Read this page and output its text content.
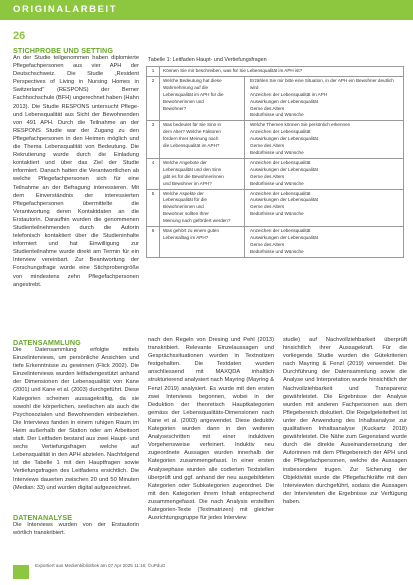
ORIGINALARBEIT
26
STICHPROBE UND SETTING

An der Studie teilgenommen haben diplomierte Pflegefachpersonen aus vier APH der Deutschschweiz. Die Studie „Resident Perspectives of Living in Nursing Homes in Switzerland" (RESPONS) der Berner Fachhochschule (BFH) ungerechnet haben (Hahn 2013). Die Studie RESPONS untersucht Pflege- und Lebensqualität aus Sicht der Bewohnenden von 491 APH. Durch die Teilnahme an der RESPONS Studie war der Zugang zu den Pflegefachpersonen in den Heimen möglich und die Thema Lebensqualität von Bedeutung. Die Rekrutierung wurde durch die Einladung kontaktiert und über das Ziel der Studie informiert. Danach hatten die Verantwortlichen ab welche Pflegefachpersonen sich für eine Teilnahme an der Befragung interessieren. Mit dem Einverständnis der interessierten Pflegefachpersonen übermittelte die Verantwortung deren Kontaktdaten an die Erstautorin. Daraufhin wurden die genommenen Studienteilnehmenden durch die Autorin telefonisch kontaktiert über die Studieninhalte informiert und hat Einwilligung zur Studienteilnahme wurde direkt am Termin für ein Interview vereinbart. Zur Beantwortung der Forschungsfrage wurde eine Stichprobengröße von mindestens zehn Pflegefachpersonen angestrebt.

DATENSAMMLUNG

Die Datensammlung erfolgte mittels Einzelinterviews, um persönliche Ansichten und tiefe Erkenntnisse zu gewinnen (Flick 2002). Die Einzelinterviews wurden leitfadengestützt anhand der Dimensionen der Lebensqualität von Kane (2001) und Kane et al. (2003) durchgeführt. Diese Kategorien scheinen aussagekräftig, da sie sowohl die körperlichen, seelischen als auch die Psychosozialen und Bewohnenden einbeziehen. Die Interviews fanden in einem ruhigen Raum im Heim außerhalb der Station oder am Arbeitsort statt. Der Leitfaden bestand aus zwei Haupt- und sechs Vertiefungsfragen welche auf Lebensqualität in den APH abzielen. Nachfolgend ist die Tabelle 1 mit den Hauptfragen sowie Vertiefungsfragen des Leitfadens ersichtlich. Die Interviews dauerten zwischen 20 und 50 Minuten (Median: 33) und wurden digital aufgezeichnet.

DATENANALYSE

Die Interviews wurden von der Erstautorin wörtlich transkribiert.

Tabelle 1: Leitfaden Haupt- und Vertiefungsfragen
1	Können Sie mir beschreiben, was für Sie Lebensqualität im APH ist?	
2	Welche Bedeutung hat diese
Wahrnehmung auf die
Lebensqualität im APH für die
Bewohnerinnen und
Bewohner?	Erzählen Sie mir bitte eine Situation, in der APH ein Bewohner deutlich wird
Anzeichen der Lebensqualität im APH
Auswirkungen der Lebensqualität
Gerne des Alters
Bedürfnisse und Wünsche

3	Was bedeutet für Sie Sinn in
dem Alter? Welche Faktoren
fördern Ihrer Meinung nach
die Lebensqualität im APH?	Welche Themen können Sie persönlich erkennen
Anzeichen der Lebensqualität
Auswirkungen der Lebensqualität
Gerne des Alters
Bedürfnisse und Wünsche

4	Welche Angebote der
Lebensqualität und den Sinn
gibt es für die Bewohnerinnen
und Bewohner im APH?	Anzeichen der Lebensqualität
Auswirkungen der Lebensqualität
Gerne des Alters
Bedürfnisse und Wünsche

5	Welche Aspekte der
Lebensqualität für die
Bewohnerinnen und
Bewohner sollten Ihrer
Meinung nach gefördert werden?	Anzeichen der Lebensqualität
Auswirkungen der Lebensqualität
Gerne des Alters
Bedürfnisse und Wünsche

6	Was gehört zu einem guten
Lebensalltag im APH?	Anzeichen der Lebensqualität
Auswirkungen der Lebensqualität
Gerne des Alters
Bedürfnisse und Wünsche

nach den Regeln von Dresing und Pehl (2013) transkribiert. Relevante Einzelaussagen und Gesprächssituationen wurden in Textnotizen festgehalten. Die Textdaten wurden anschliessend mit MAXQDA inhaltlich strukturierend analysiert nach Mayring (Mayring & Fenzl 2019) analysiert. Es wurde mit den ersten zwei Interviews begonnen, wobei in der Deduktion der theoretisch Hauptkategorien gemäss der Lebensqualitäts-Dimensionen nach Kane et al. (2003) angewendet. Diese deduktiv Kategorien wurden dann in den weiteren Analyseschritten mit einer induktiven Vorgehensweise verfeinert. Induktiv neu zugeordnete Aussagen wurden innerhalb der Kategorien zusammengefasst. In einer ersten Analysephase wurden alle codierten Textstellen überprüft und ggf. anhand der neu ausgebildeten Kategorien oder Subkategorien zugeordnet. Die mit den Kategorien ihrem Inhalt entsprechend zusammengefasst. Die nach Analysis erstellten Kategorien-Texte (Textmatrizen) mit gleicher Ausrichtungsgruppe für jedes Interview

studie) auf Nachvollziehbarkeit überprüft hinsichtlich ihrer Aussagekraft. Für die vorliegende Studie wurden die Gütekriterien nach Mayring & Fenzl (2019) verwendet. Die Durchführung der Datensammlung sowie die Analyse und Interpretation wurde hinsichtlich der Nachvollziehbarkeit und Transparenz gewährleistet. Die Ergebnisse der Analyse wurden mit anderen Fachpersonen aus dem Pflegebereich diskutiert. Die Regelgeleitetheit ist unter der Anwendung des Inhaltsanalyse zur qualitativen Inhaltsanalyse (Kuckartz 2018) gewährleistet. Die Nähe zum Gegenstand wurde durch die direkte Auseinandersetzung der Autorinnen mit dem Pflegebereich der APH und die Pflegefachpersonen, welche die Aussagen insbesondere trugen. Zur Sicherung der Objektivität wurde die Pflegefachkräfte mit den Interviewten durchgeführt, sodass die Aussagen der Interviewten die Ergebnisse zur Verfügung haben.

Exportiert aus Medienbibliothek am 07 Apr 2025 11:16; ©uPduG
